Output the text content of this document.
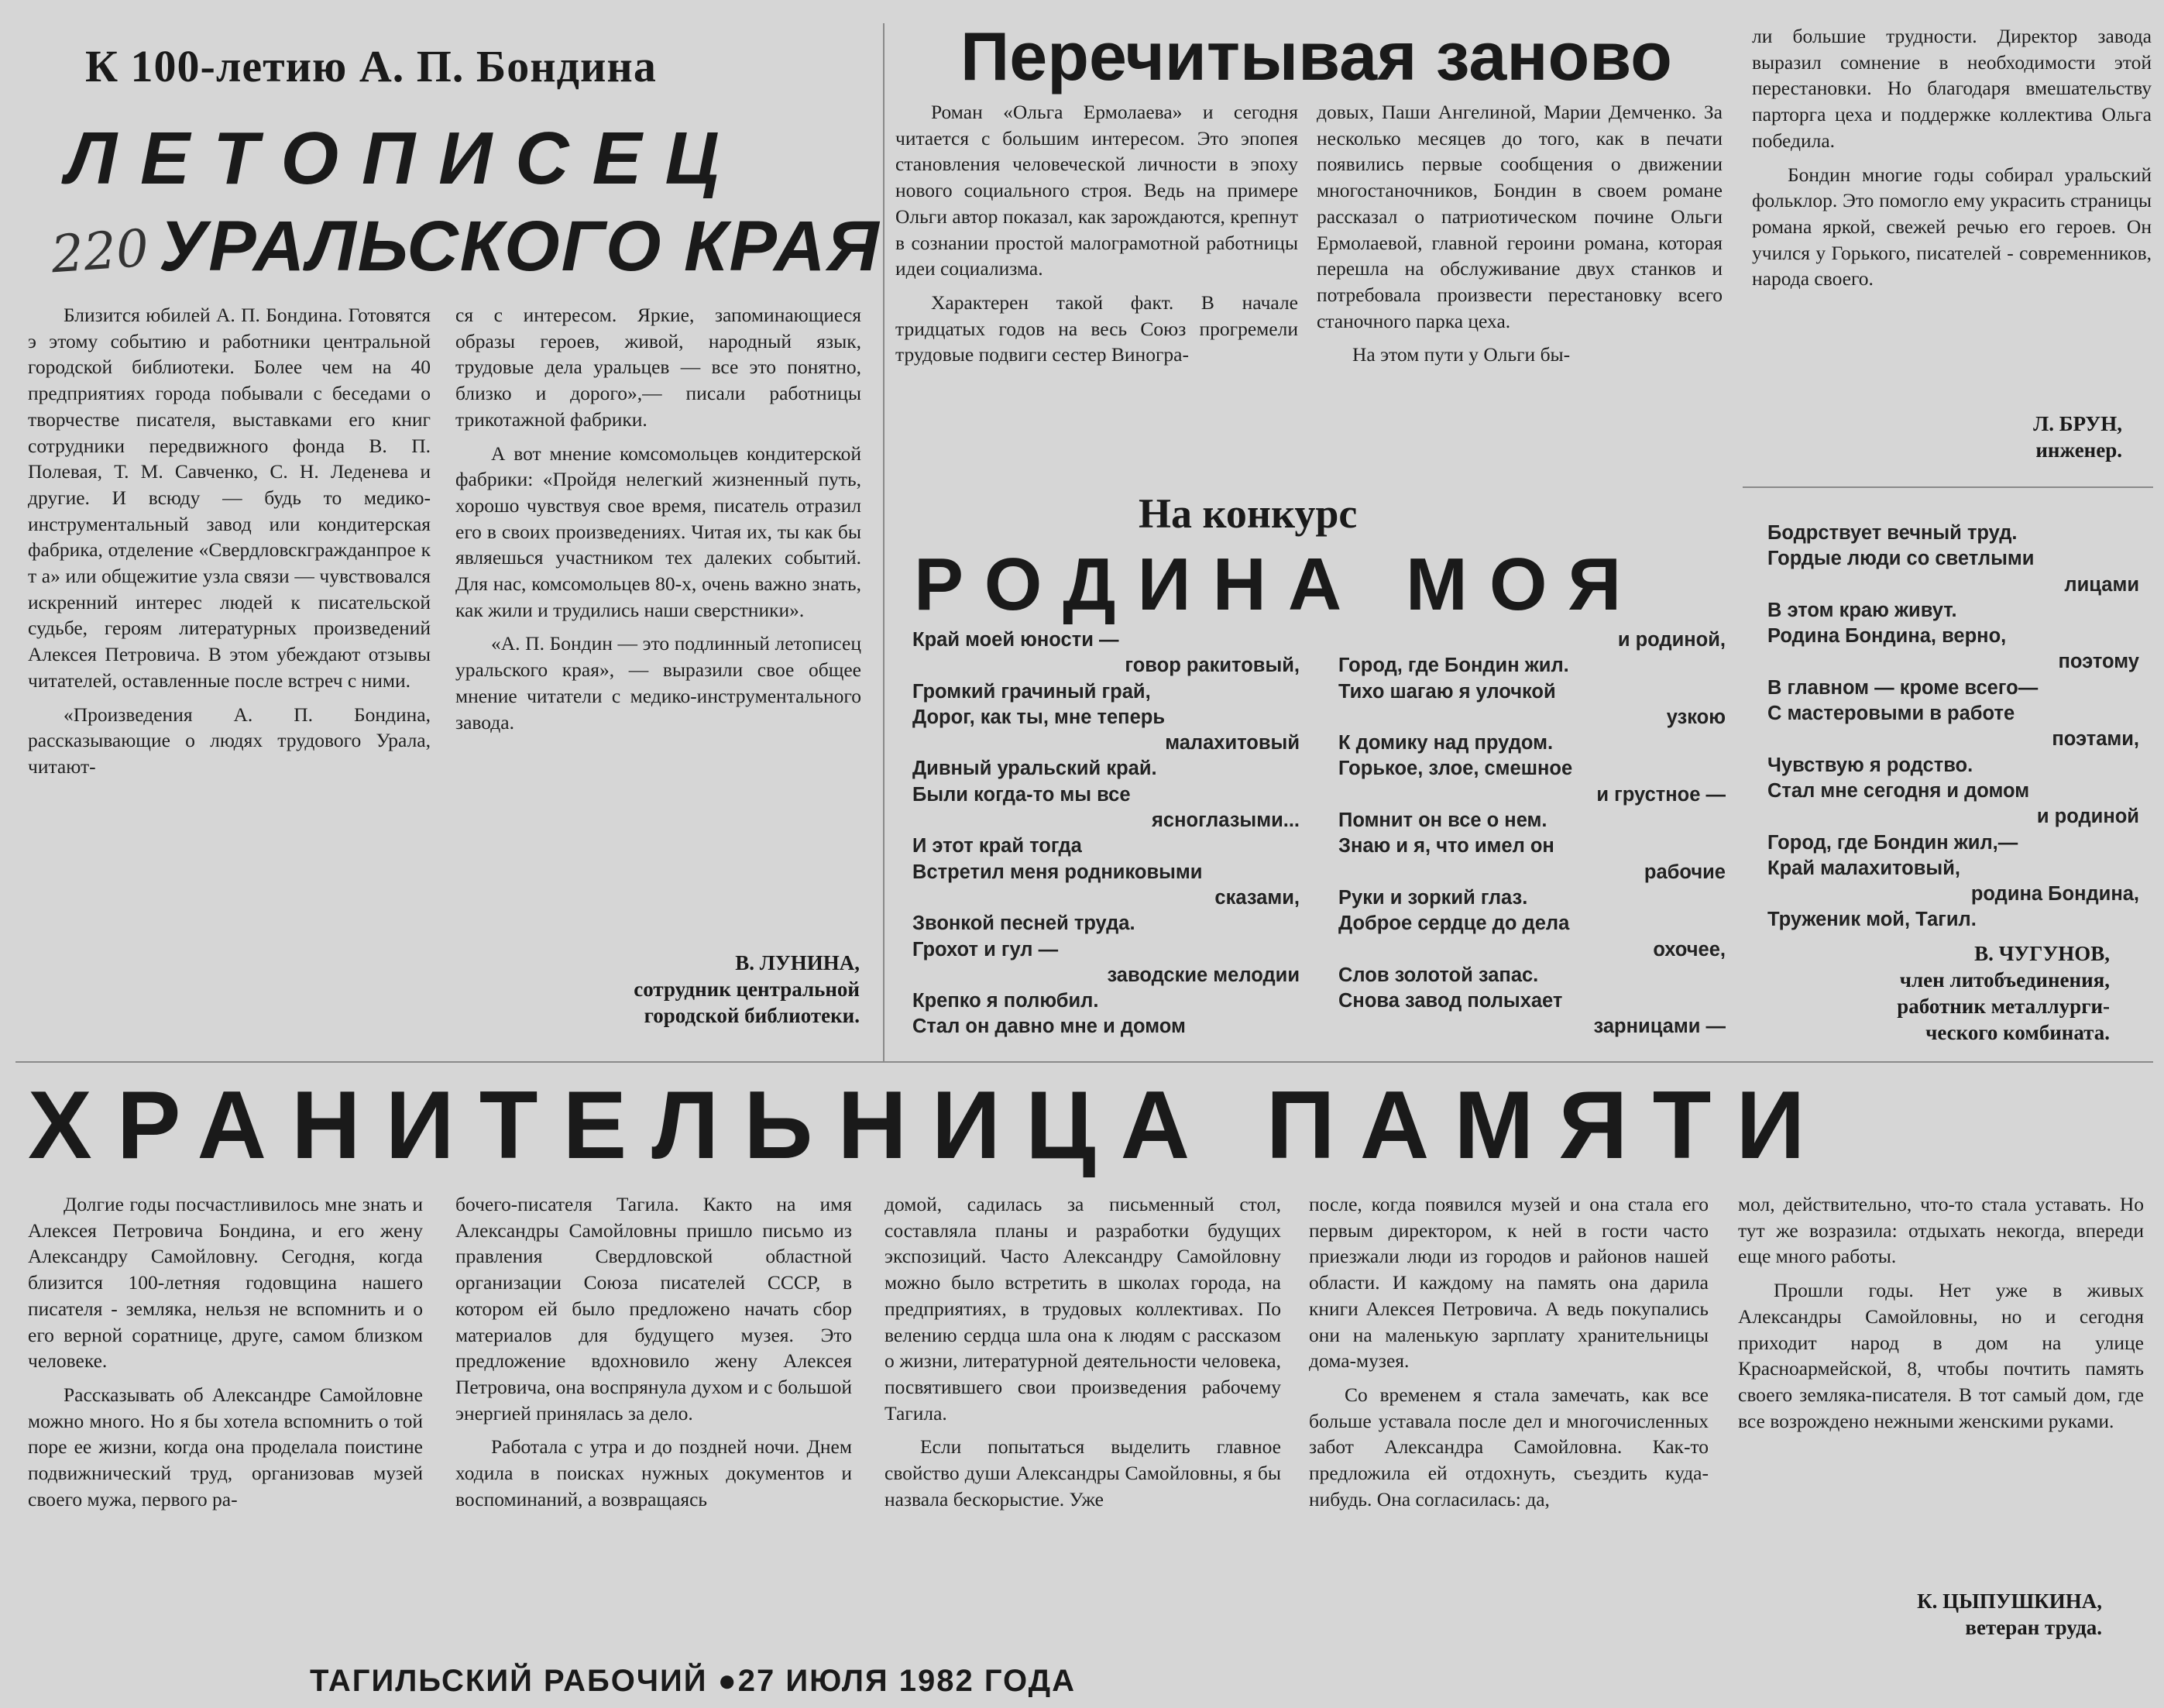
К 100-летию А. П. Бондина
ЛЕТОПИСЕЦ
220 УРАЛЬСКОГО КРАЯ

Близится юбилей А. П. Бондина. Готовятся э этому событию и работники центральной городской библиотеки. Более чем на 40 предприятиях города побывали с беседами о творчестве писателя, выставками его книг сотрудники передвижного фонда В. П. Полевая, Т. М. Савченко, С. Н. Леденева и другие. И всюду — будь то медико-инструментальный завод или кондитерская фабрика, отделение «Свердловскгражданпрое к т а» или общежитие узла связи — чувствовался искренний интерес людей к писательской судьбе, героям литературных произведений Алексея Петровича. В этом убеждают отзывы читателей, оставленные после встреч с ними.

«Произведения А. П. Бондина, рассказывающие о людях трудового Урала, читают-

ся с интересом. Яркие, запоминающиеся образы героев, живой, народный язык, трудовые дела уральцев — все это понятно, близко и дорого»,— писали работницы трикотажной фабрики.

А вот мнение комсомольцев кондитерской фабрики: «Пройдя нелегкий жизненный путь, хорошо чувствуя свое время, писатель отразил его в своих произведениях. Читая их, ты как бы являешься участником тех далеких событий. Для нас, комсомольцев 80-х, очень важно знать, как жили и трудились наши сверстники».

«А. П. Бондин — это подлинный летописец уральского края», — выразили свое общее мнение читатели с медико-инструментального завода.

В. ЛУНИНА,
сотрудник центральной
городской библиотеки.
Перечитывая заново

Роман «Ольга Ермолаева» и сегодня читается с большим интересом. Это эпопея становления человеческой личности в эпоху нового социального строя. Ведь на примере Ольги автор показал, как зарождаются, крепнут в сознании простой малограмотной работницы идеи социализма.

Характерен такой факт. В начале тридцатых годов на весь Союз прогремели трудовые подвиги сестер Виногра-

довых, Паши Ангелиной, Марии Демченко. За несколько месяцев до того, как в печати появились первые сообщения о движении многостаночников, Бондин в своем романе рассказал о патриотическом почине Ольги Ермолаевой, главной героини романа, которая перешла на обслуживание двух станков и потребовала произвести перестановку всего станочного парка цеха.

На этом пути у Ольги бы-

ли большие трудности. Директор завода выразил сомнение в необходимости этой перестановки. Но благодаря вмешательству парторга цеха и поддержке коллектива Ольга победила.

Бондин многие годы собирал уральский фольклор. Это помогло ему украсить страницы романа яркой, свежей речью его героев. Он учился у Горького, писателей - современников, народа своего.

Л. БРУН,
инженер.
На конкурс
РОДИНА МОЯ
Край моей юности —
говор ракитовый,
Громкий грачиный грай,
Дорог, как ты, мне теперь
малахитовый
Дивный уральский край.
Были когда-то мы все
ясноглазыми...
И этот край тогда
Встретил меня родниковыми
сказами,
Звонкой песней труда.
Грохот и гул —
заводские мелодии
Крепко я полюбил.
Стал он давно мне и домом
и родиной,
Город, где Бондин жил.
Тихо шагаю я улочкой
узкою
К домику над прудом.
Горькое, злое, смешное
и грустное —
Помнит он все о нем.
Знаю и я, что имел он
рабочие
Руки и зоркий глаз.
Доброе сердце до дела
охочее,
Слов золотой запас.
Снова завод полыхает
зарницами —
Бодрствует вечный труд.
Гордые люди со светлыми
лицами
В этом краю живут.
Родина Бондина, верно,
поэтому
В главном — кроме всего—
С мастеровыми в работе
поэтами,
Чувствую я родство.
Стал мне сегодня и домом
и родиной
Город, где Бондин жил,—
Край малахитовый,
родина Бондина,
Труженик мой, Тагил.
В. ЧУГУНОВ,
член литобъединения,
работник металлурги-
ческого комбината.
ХРАНИТЕЛЬНИЦА ПАМЯТИ

Долгие годы посчастливилось мне знать и Алексея Петровича Бондина, и его жену Александру Самойловну. Сегодня, когда близится 100-летняя годовщина нашего писателя - земляка, нельзя не вспомнить и о его верной соратнице, друге, самом близком человеке.

Рассказывать об Александре Самойловне можно много. Но я бы хотела вспомнить о той поре ее жизни, когда она проделала поистине подвижнический труд, организовав музей своего мужа, первого ра-

бочего-писателя Тагила. Както на имя Александры Самойловны пришло письмо из правления Свердловской областной организации Союза писателей СССР, в котором ей было предложено начать сбор материалов для будущего музея. Это предложение вдохновило жену Алексея Петровича, она воспрянула духом и с большой энергией принялась за дело.

Работала с утра и до поздней ночи. Днем ходила в поисках нужных документов и воспоминаний, а возвращаясь

домой, садилась за письменный стол, составляла планы и разработки будущих экспозиций. Часто Александру Самойловну можно было встретить в школах города, на предприятиях, в трудовых коллективах. По велению сердца шла она к людям с рассказом о жизни, литературной деятельности человека, посвятившего свои произведения рабочему Тагила.

Если попытаться выделить главное свойство души Александры Самойловны, я бы назвала бескорыстие. Уже

после, когда появился музей и она стала его первым директором, к ней в гости часто приезжали люди из городов и районов нашей области. И каждому на память она дарила книги Алексея Петровича. А ведь покупались они на маленькую зарплату хранительницы дома-музея.

Со временем я стала замечать, как все больше уставала после дел и многочисленных забот Александра Самойловна. Как-то предложила ей отдохнуть, съездить куда-нибудь. Она согласилась: да,

мол, действительно, что-то стала уставать. Но тут же возразила: отдыхать некогда, впереди еще много работы.

Прошли годы. Нет уже в живых Александры Самойловны, но и сегодня приходит народ в дом на улице Красноармейской, 8, чтобы почтить память своего земляка-писателя. В тот самый дом, где все возрождено нежными женскими руками.

К. ЦЫПУШКИНА,
ветеран труда.
ТАГИЛЬСКИЙ РАБОЧИЙ ●27 ИЮЛЯ 1982 ГОДА
